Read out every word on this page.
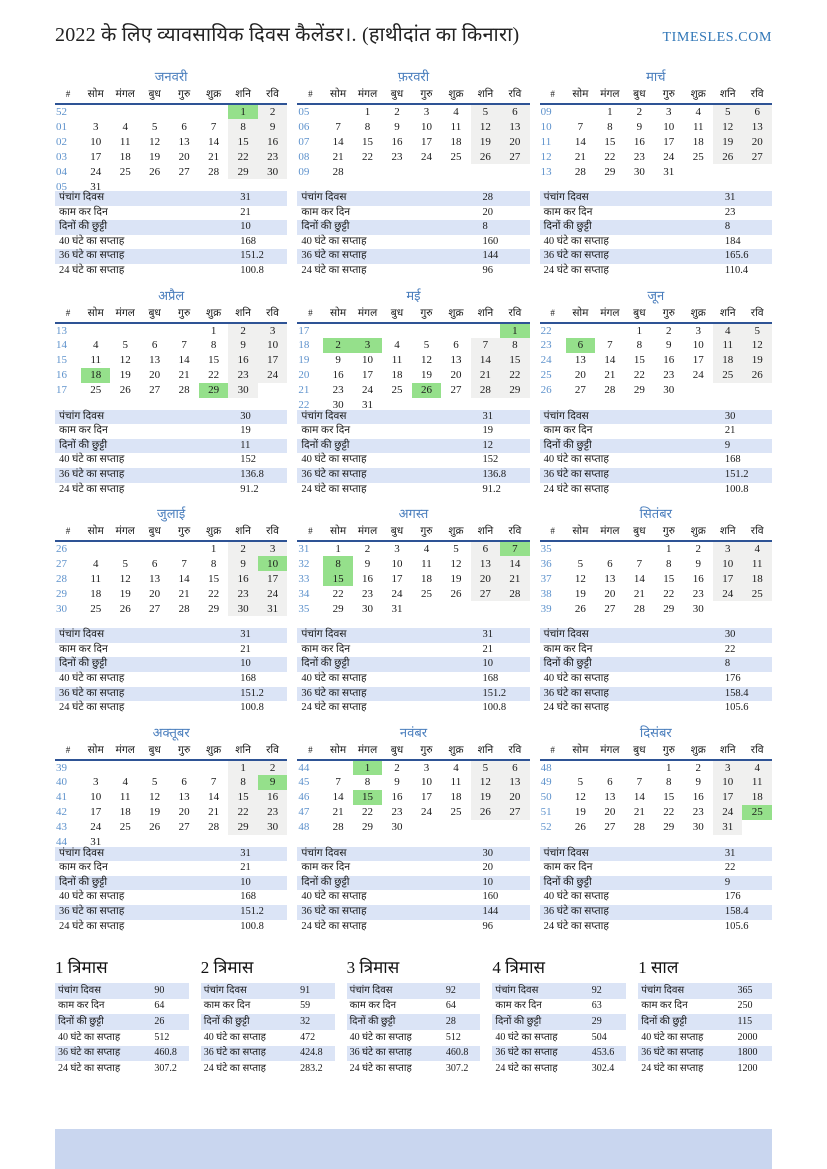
2022 के लिए व्यावसायिक दिवस कैलेंडर।. (हाथीदांत का किनारा)	TIMESLES.COM
जनवरी
#	सोम	मंगल	बुध	गुरु	शुक्र	शनि	रवि
52						1	2
01	3	4	5	6	7	8	9
02	10	11	12	13	14	15	16
03	17	18	19	20	21	22	23
04	24	25	26	27	28	29	30
05	31						
पंचांग दिवस	31
काम कर दिन	21
दिनों की छुट्टी	10
40 घंटे का सप्ताह	168
36 घंटे का सप्ताह	151.2
24 घंटे का सप्ताह	100.8
फ़रवरी
#	सोम	मंगल	बुध	गुरु	शुक्र	शनि	रवि
05		1	2	3	4	5	6
06	7	8	9	10	11	12	13
07	14	15	16	17	18	19	20
08	21	22	23	24	25	26	27
09	28						
पंचांग दिवस	28
काम कर दिन	20
दिनों की छुट्टी	8
40 घंटे का सप्ताह	160
36 घंटे का सप्ताह	144
24 घंटे का सप्ताह	96
मार्च
#	सोम	मंगल	बुध	गुरु	शुक्र	शनि	रवि
09		1	2	3	4	5	6
10	7	8	9	10	11	12	13
11	14	15	16	17	18	19	20
12	21	22	23	24	25	26	27
13	28	29	30	31			
पंचांग दिवस	31
काम कर दिन	23
दिनों की छुट्टी	8
40 घंटे का सप्ताह	184
36 घंटे का सप्ताह	165.6
24 घंटे का सप्ताह	110.4
अप्रैल
#	सोम	मंगल	बुध	गुरु	शुक्र	शनि	रवि
13					1	2	3
14	4	5	6	7	8	9	10
15	11	12	13	14	15	16	17
16	18	19	20	21	22	23	24
17	25	26	27	28	29	30	
पंचांग दिवस	30
काम कर दिन	19
दिनों की छुट्टी	11
40 घंटे का सप्ताह	152
36 घंटे का सप्ताह	136.8
24 घंटे का सप्ताह	91.2
मई
#	सोम	मंगल	बुध	गुरु	शुक्र	शनि	रवि
17							1
18	2	3	4	5	6	7	8
19	9	10	11	12	13	14	15
20	16	17	18	19	20	21	22
21	23	24	25	26	27	28	29
22	30	31					
पंचांग दिवस	31
काम कर दिन	19
दिनों की छुट्टी	12
40 घंटे का सप्ताह	152
36 घंटे का सप्ताह	136.8
24 घंटे का सप्ताह	91.2
जून
#	सोम	मंगल	बुध	गुरु	शुक्र	शनि	रवि
22			1	2	3	4	5
23	6	7	8	9	10	11	12
24	13	14	15	16	17	18	19
25	20	21	22	23	24	25	26
26	27	28	29	30			
पंचांग दिवस	30
काम कर दिन	21
दिनों की छुट्टी	9
40 घंटे का सप्ताह	168
36 घंटे का सप्ताह	151.2
24 घंटे का सप्ताह	100.8
जुलाई
#	सोम	मंगल	बुध	गुरु	शुक्र	शनि	रवि
26					1	2	3
27	4	5	6	7	8	9	10
28	11	12	13	14	15	16	17
29	18	19	20	21	22	23	24
30	25	26	27	28	29	30	31
पंचांग दिवस	31
काम कर दिन	21
दिनों की छुट्टी	10
40 घंटे का सप्ताह	168
36 घंटे का सप्ताह	151.2
24 घंटे का सप्ताह	100.8
अगस्त
#	सोम	मंगल	बुध	गुरु	शुक्र	शनि	रवि
31	1	2	3	4	5	6	7
32	8	9	10	11	12	13	14
33	15	16	17	18	19	20	21
34	22	23	24	25	26	27	28
35	29	30	31				
पंचांग दिवस	31
काम कर दिन	21
दिनों की छुट्टी	10
40 घंटे का सप्ताह	168
36 घंटे का सप्ताह	151.2
24 घंटे का सप्ताह	100.8
सितंबर
#	सोम	मंगल	बुध	गुरु	शुक्र	शनि	रवि
35				1	2	3	4
36	5	6	7	8	9	10	11
37	12	13	14	15	16	17	18
38	19	20	21	22	23	24	25
39	26	27	28	29	30		
पंचांग दिवस	30
काम कर दिन	22
दिनों की छुट्टी	8
40 घंटे का सप्ताह	176
36 घंटे का सप्ताह	158.4
24 घंटे का सप्ताह	105.6
अक्तूबर
#	सोम	मंगल	बुध	गुरु	शुक्र	शनि	रवि
39						1	2
40	3	4	5	6	7	8	9
41	10	11	12	13	14	15	16
42	17	18	19	20	21	22	23
43	24	25	26	27	28	29	30
44	31						
पंचांग दिवस	31
काम कर दिन	21
दिनों की छुट्टी	10
40 घंटे का सप्ताह	168
36 घंटे का सप्ताह	151.2
24 घंटे का सप्ताह	100.8
नवंबर
#	सोम	मंगल	बुध	गुरु	शुक्र	शनि	रवि
44		1	2	3	4	5	6
45	7	8	9	10	11	12	13
46	14	15	16	17	18	19	20
47	21	22	23	24	25	26	27
48	28	29	30				
पंचांग दिवस	30
काम कर दिन	20
दिनों की छुट्टी	10
40 घंटे का सप्ताह	160
36 घंटे का सप्ताह	144
24 घंटे का सप्ताह	96
दिसंबर
#	सोम	मंगल	बुध	गुरु	शुक्र	शनि	रवि
48				1	2	3	4
49	5	6	7	8	9	10	11
50	12	13	14	15	16	17	18
51	19	20	21	22	23	24	25
52	26	27	28	29	30	31	
पंचांग दिवस	31
काम कर दिन	22
दिनों की छुट्टी	9
40 घंटे का सप्ताह	176
36 घंटे का सप्ताह	158.4
24 घंटे का सप्ताह	105.6
1 त्रिमास
पंचांग दिवस	90
काम कर दिन	64
दिनों की छुट्टी	26
40 घंटे का सप्ताह	512
36 घंटे का सप्ताह	460.8
24 घंटे का सप्ताह	307.2
2 त्रिमास
पंचांग दिवस	91
काम कर दिन	59
दिनों की छुट्टी	32
40 घंटे का सप्ताह	472
36 घंटे का सप्ताह	424.8
24 घंटे का सप्ताह	283.2
3 त्रिमास
पंचांग दिवस	92
काम कर दिन	64
दिनों की छुट्टी	28
40 घंटे का सप्ताह	512
36 घंटे का सप्ताह	460.8
24 घंटे का सप्ताह	307.2
4 त्रिमास
पंचांग दिवस	92
काम कर दिन	63
दिनों की छुट्टी	29
40 घंटे का सप्ताह	504
36 घंटे का सप्ताह	453.6
24 घंटे का सप्ताह	302.4
1 साल
पंचांग दिवस	365
काम कर दिन	250
दिनों की छुट्टी	115
40 घंटे का सप्ताह	2000
36 घंटे का सप्ताह	1800
24 घंटे का सप्ताह	1200
